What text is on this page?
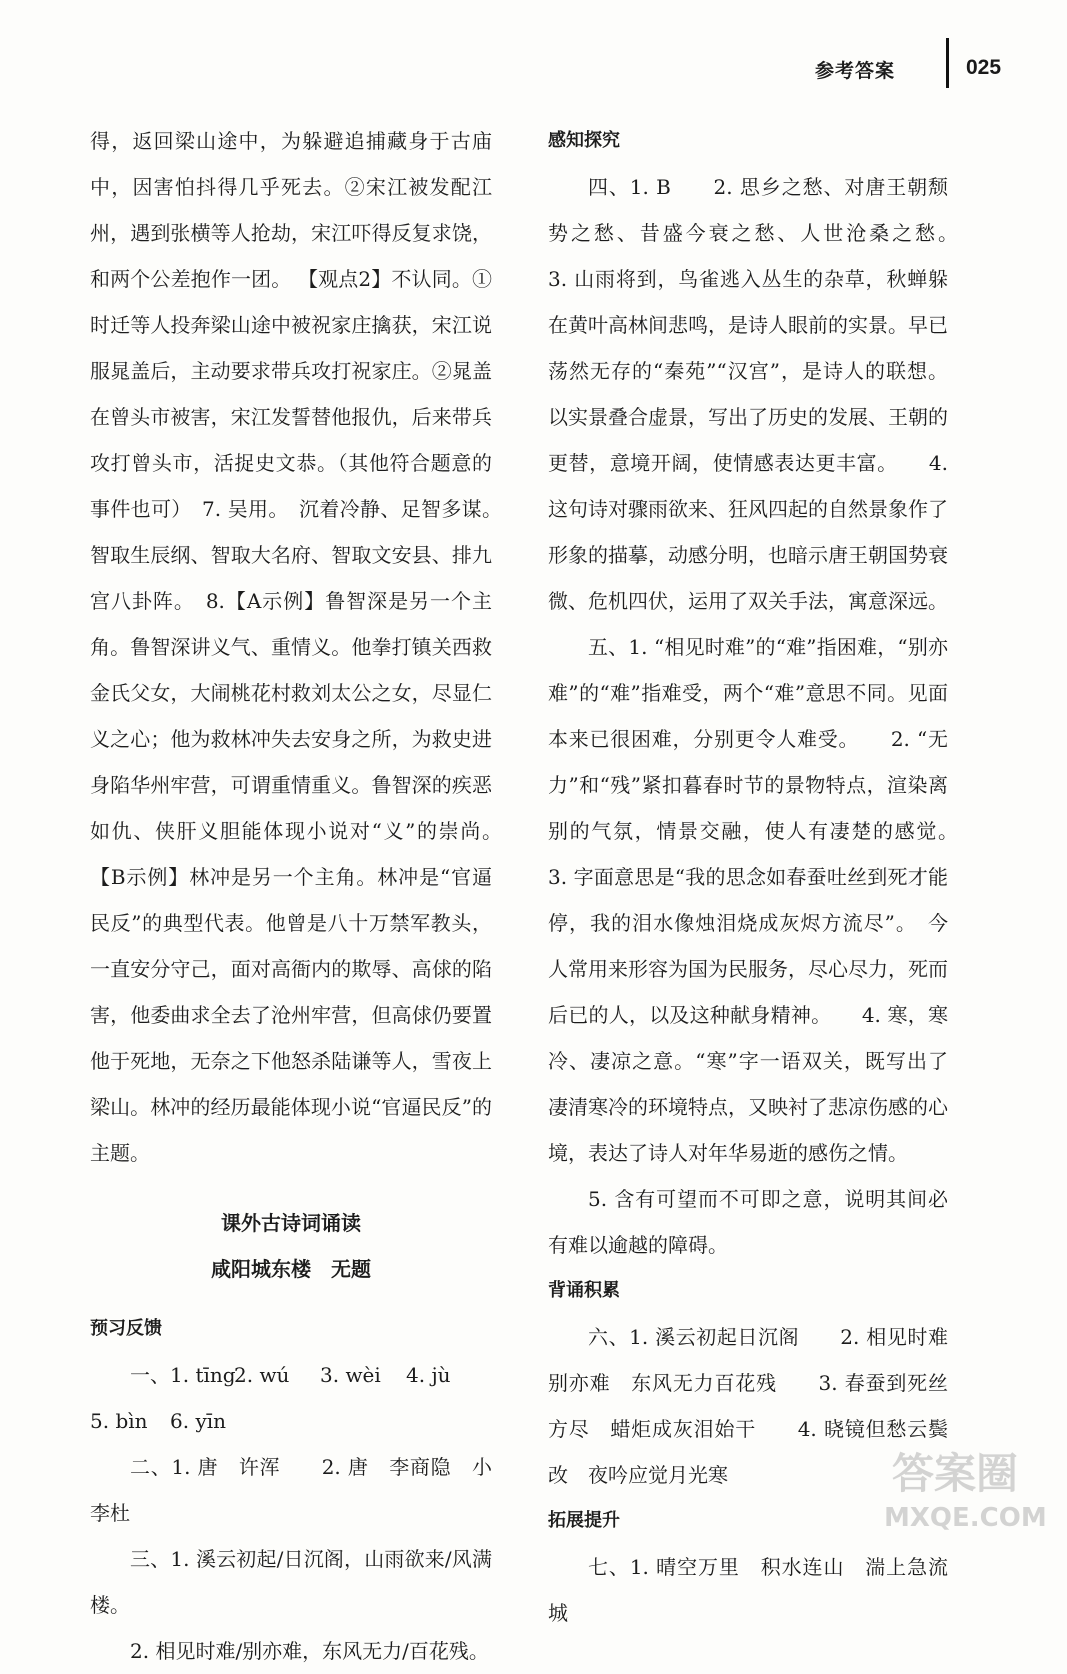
参考答案	025

得，返回梁山途中，为躲避追捕藏身于古庙中，因害怕抖得几乎死去。②宋江被发配江州，遇到张横等人抢劫，宋江吓得反复求饶，和两个公差抱作一团。 【观点2】不认同。①时迁等人投奔梁山途中被祝家庄擒获，宋江说服晁盖后，主动要求带兵攻打祝家庄。②晁盖在曾头市被害，宋江发誓替他报仇，后来带兵攻打曾头市，活捉史文恭。（其他符合题意的事件也可）　7. 吴用。　沉着冷静、足智多谋。　智取生辰纲、智取大名府、智取文安县、排九宫八卦阵。　8.【A示例】鲁智深是另一个主角。鲁智深讲义气、重情义。他拳打镇关西救金氏父女，大闹桃花村救刘太公之女，尽显仁义之心；他为救林冲失去安身之所，为救史进身陷华州牢营，可谓重情重义。鲁智深的疾恶如仇、侠肝义胆能体现小说对“义”的崇尚。　【B示例】林冲是另一个主角。林冲是“官逼民反”的典型代表。他曾是八十万禁军教头，一直安分守己，面对高衙内的欺辱、高俅的陷害，他委曲求全去了沧州牢营，但高俅仍要置他于死地，无奈之下他怒杀陆谦等人，雪夜上梁山。林冲的经历最能体现小说“官逼民反”的主题。

课外古诗词诵读

咸阳城东楼　无题

预习反馈

一、1. tīng2. wú 3. wèi 4. jù

5. bìn 6. yīn

二、1. 唐　许浑　　2. 唐　李商隐　小李杜

三、1. 溪云初起/日沉阁，山雨欲来/风满楼。

2. 相见时难/别亦难，东风无力/百花残。

感知探究

四、1. B　　2. 思乡之愁、对唐王朝颓势之愁、昔盛今衰之愁、人世沧桑之愁。　　3. 山雨将到，鸟雀逃入丛生的杂草，秋蝉躲在黄叶高林间悲鸣，是诗人眼前的实景。早已荡然无存的“秦苑”“汉宫”，是诗人的联想。以实景叠合虚景，写出了历史的发展、王朝的更替，意境开阔，使情感表达更丰富。　　4. 这句诗对骤雨欲来、狂风四起的自然景象作了形象的描摹，动感分明，也暗示唐王朝国势衰微、危机四伏，运用了双关手法，寓意深远。

五、1. “相见时难”的“难”指困难，“别亦难”的“难”指难受，两个“难”意思不同。见面本来已很困难，分别更令人难受。　　2. “无力”和“残”紧扣暮春时节的景物特点，渲染离别的气氛，情景交融，使人有凄楚的感觉。　　3. 字面意思是“我的思念如春蚕吐丝到死才能停，我的泪水像烛泪烧成灰烬方流尽”。　今人常用来形容为国为民服务，尽心尽力，死而后已的人，以及这种献身精神。　　4. 寒，寒冷、凄凉之意。“寒”字一语双关，既写出了凄清寒冷的环境特点，又映衬了悲凉伤感的心境，表达了诗人对年华易逝的感伤之情。

5. 含有可望而不可即之意，说明其间必有难以逾越的障碍。

背诵积累

六、1. 溪云初起日沉阁　　2. 相见时难别亦难　东风无力百花残　　3. 春蚕到死丝方尽　蜡炬成灰泪始干　　4. 晓镜但愁云鬓改　夜吟应觉月光寒

拓展提升

七、1. 晴空万里　积水连山　湍上急流　城

答案圈
MXQE.COM
